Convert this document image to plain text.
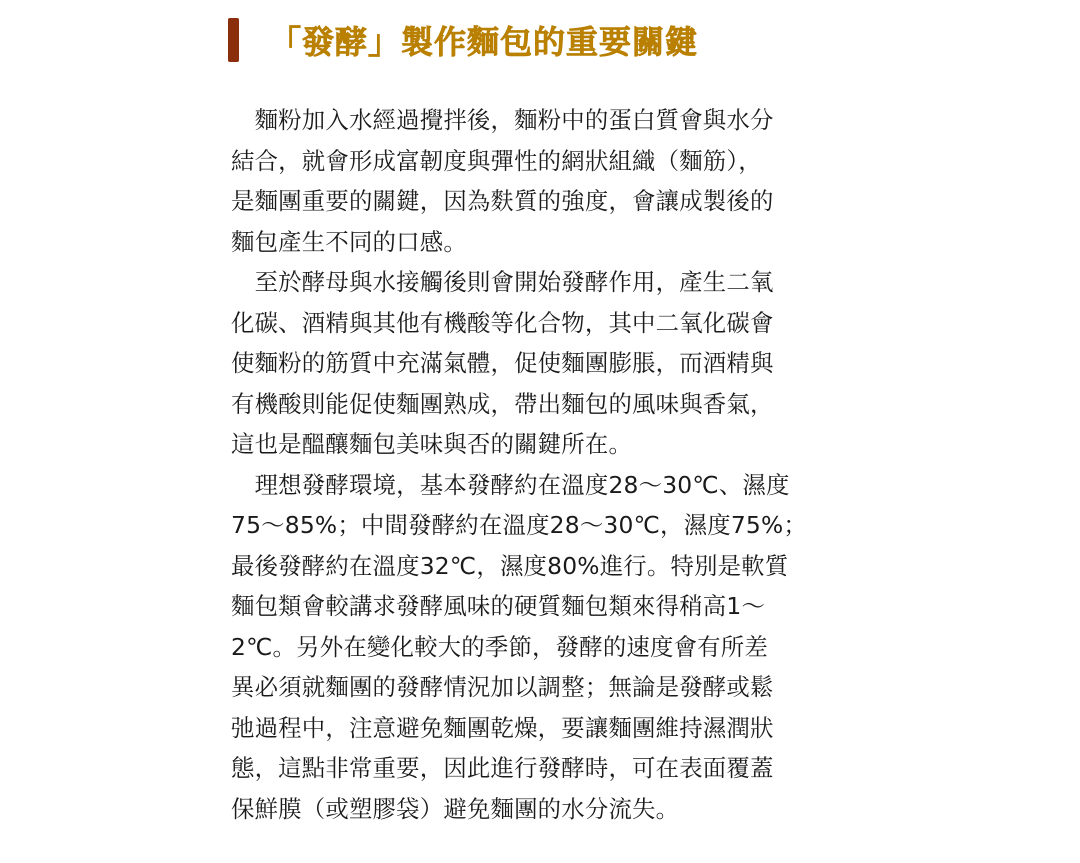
「發酵」製作麵包的重要關鍵
　麵粉加入水經過攪拌後，麵粉中的蛋白質會與水分
結合，就會形成富韌度與彈性的網狀組織（麵筋），
是麵團重要的關鍵，因為麩質的強度，會讓成製後的
麵包產生不同的口感。
　至於酵母與水接觸後則會開始發酵作用，產生二氧
化碳、酒精與其他有機酸等化合物，其中二氧化碳會
使麵粉的筋質中充滿氣體，促使麵團膨脹，而酒精與
有機酸則能促使麵團熟成，帶出麵包的風味與香氣，
這也是醞釀麵包美味與否的關鍵所在。
　理想發酵環境，基本發酵約在溫度28～30℃、濕度
75～85%；中間發酵約在溫度28～30℃，濕度75%；
最後發酵約在溫度32℃，濕度80%進行。特別是軟質
麵包類會較講求發酵風味的硬質麵包類來得稍高1～
2℃。另外在變化較大的季節，發酵的速度會有所差
異必須就麵團的發酵情況加以調整；無論是發酵或鬆
弛過程中，注意避免麵團乾燥，要讓麵團維持濕潤狀
態，這點非常重要，因此進行發酵時，可在表面覆蓋
保鮮膜（或塑膠袋）避免麵團的水分流失。
